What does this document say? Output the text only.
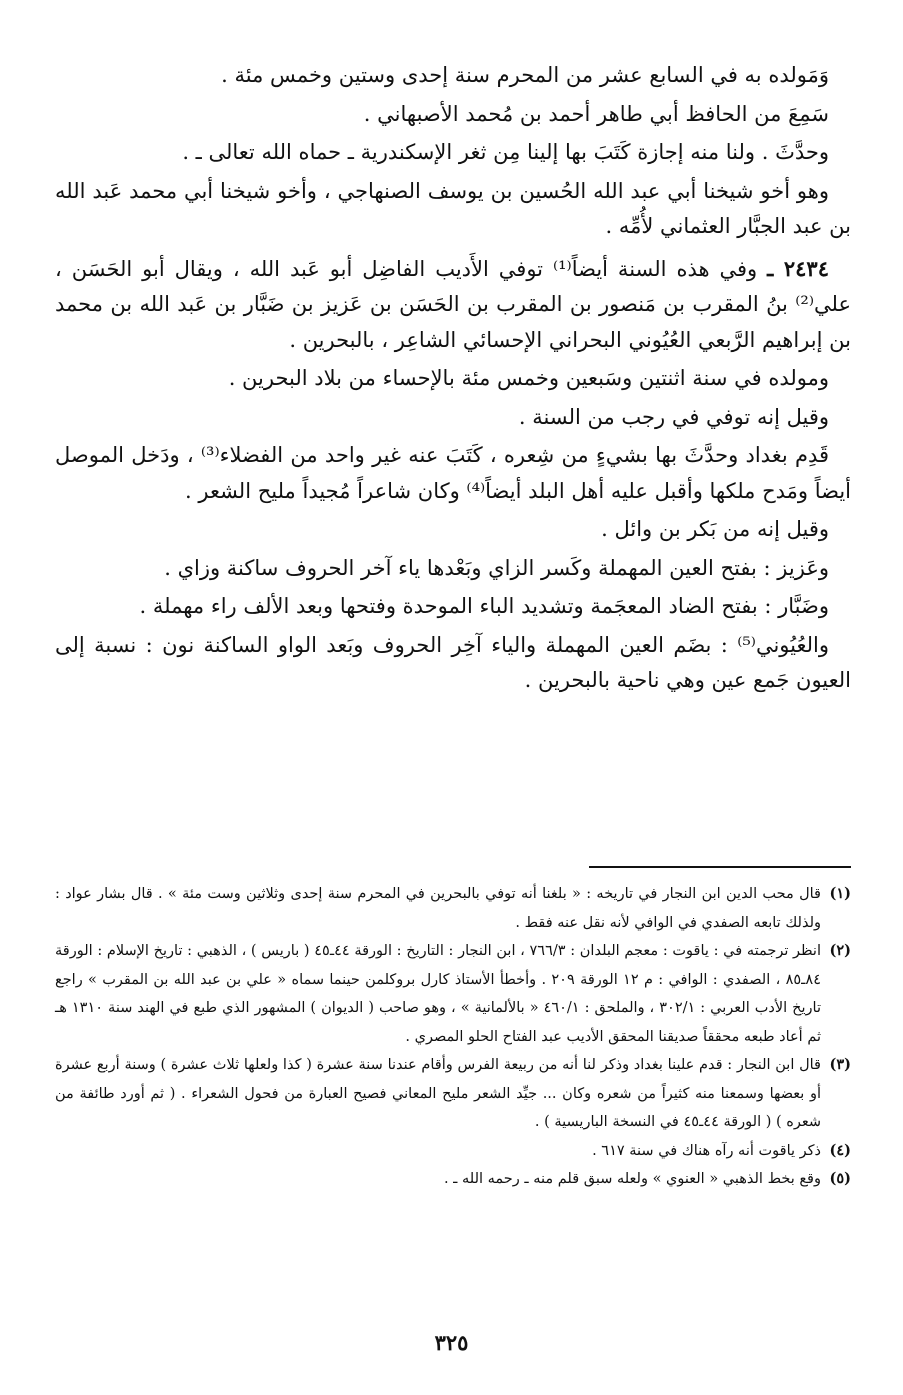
وَمَولده به في السابع عشر من المحرم سنة إحدى وستين وخمس مئة .

سَمِعَ من الحافظ أبي طاهر أحمد بن مُحمد الأصبهاني .

وحدَّثَ . ولنا منه إجازة كَتَبَ بها إلينا مِن ثغر الإسكندرية ـ حماه الله تعالى ـ .

وهو أخو شيخنا أبي عبد الله الحُسين بن يوسف الصنهاجي ، وأخو شيخنا أبي محمد عَبد الله بن عبد الجبَّار العثماني لأُمِّه .

٢٤٣٤ ـ وفي هذه السنة أيضاً⁽¹⁾ توفي الأَديب الفاضِل أبو عَبد الله ، ويقال أبو الحَسَن ، علي⁽²⁾ بنُ المقرب بن مَنصور بن المقرب بن الحَسَن بن عَزيز بن ضَبَّار بن عَبد الله بن محمد بن إبراهيم الرَّبعي العُيُوني البحراني الإحسائي الشاعِر ، بالبحرين .

ومولده في سنة اثنتين وسَبعين وخمس مئة بالإحساء من بلاد البحرين .

وقيل إنه توفي في رجب من السنة .

قَدِم بغداد وحدَّثَ بها بشيءٍ من شِعره ، كَتَبَ عنه غير واحد من الفضلاء⁽³⁾ ، ودَخل الموصل أيضاً ومَدح ملكها وأقبل عليه أهل البلد أيضاً⁽⁴⁾ وكان شاعراً مُجيداً مليح الشعر .

وقيل إنه من بَكر بن وائل .

وعَزيز : بفتح العين المهملة وكَسر الزاي وبَعْدها ياء آخر الحروف ساكنة وزاي .

وضَبَّار : بفتح الضاد المعجَمة وتشديد الباء الموحدة وفتحها وبعد الألف راء مهملة .

والعُيُوني⁽⁵⁾ : بضَم العين المهملة والياء آخِر الحروف وبَعد الواو الساكنة نون : نسبة إلى العيون جَمع عين وهي ناحية بالبحرين .

(١)
قال محب الدين ابن النجار في تاريخه : « بلغنا أنه توفي بالبحرين في المحرم سنة إحدى وثلاثين وست مئة » . قال بشار عواد : ولذلك تابعه الصفدي في الوافي لأنه نقل عنه فقط .
(٢)
انظر ترجمته في : ياقوت : معجم البلدان : ٧٦٦/٣ ، ابن النجار : التاريخ : الورقة ٤٤ـ٤٥ ( باريس ) ، الذهبي : تاريخ الإسلام : الورقة ٨٤ـ٨٥ ، الصفدي : الوافي : م ١٢ الورقة ٢٠٩ . وأخطأ الأستاذ كارل بروكلمن حينما سماه « علي بن عبد الله بن المقرب » راجع تاريخ الأدب العربي : ٣٠٢/١ ، والملحق : ٤٦٠/١ « بالألمانية » ، وهو صاحب ( الديوان ) المشهور الذي طبع في الهند سنة ١٣١٠ هـ ثم أعاد طبعه محققاً صديقنا المحقق الأديب عبد الفتاح الحلو المصري .
(٣)
قال ابن النجار : قدم علينا بغداد وذكر لنا أنه من ربيعة الفرس وأقام عندنا سنة عشرة ( كذا ولعلها ثلاث عشرة ) وسنة أربع عشرة أو بعضها وسمعنا منه كثيراً من شعره وكان ... جيِّد الشعر مليح المعاني فصيح العبارة من فحول الشعراء . ( ثم أورد طائفة من شعره ) ( الورقة ٤٤ـ٤٥ في النسخة الباريسية ) .
(٤)
ذكر ياقوت أنه رآه هناك في سنة ٦١٧ .
(٥)
وقع بخط الذهبي « العنوي » ولعله سبق قلم منه ـ رحمه الله ـ .
٣٢٥
